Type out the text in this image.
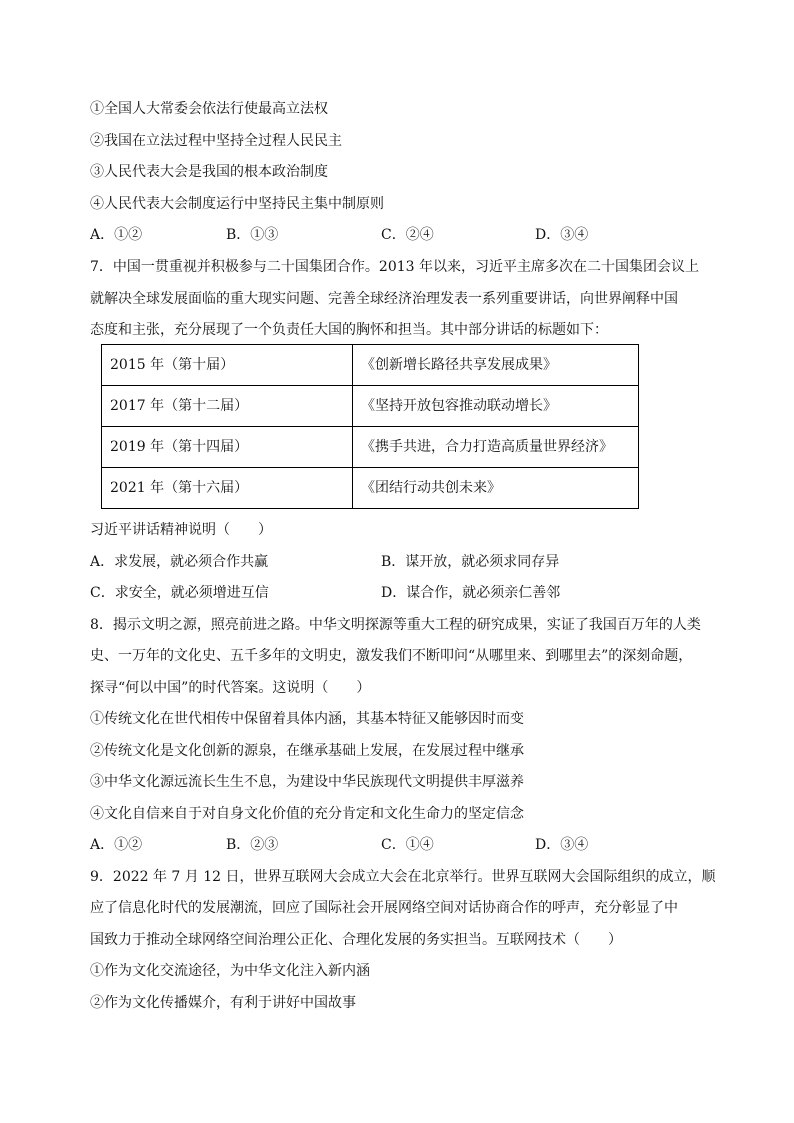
①全国人大常委会依法行使最高立法权
②我国在立法过程中坚持全过程人民民主
③人民代表大会是我国的根本政治制度
④人民代表大会制度运行中坚持民主集中制原则
A．①②	B．①③	C．②④	D．③④
7．中国一贯重视并积极参与二十国集团合作。2013 年以来，习近平主席多次在二十国集团会议上
就解决全球发展面临的重大现实问题、完善全球经济治理发表一系列重要讲话，向世界阐释中国
态度和主张，充分展现了一个负责任大国的胸怀和担当。其中部分讲话的标题如下：
2015 年（第十届）	《创新增长路径共享发展成果》
2017 年（第十二届）	《坚持开放包容推动联动增长》
2019 年（第十四届）	《携手共进，合力打造高质量世界经济》
2021 年（第十六届）	《团结行动共创未来》
习近平讲话精神说明（　　）
A．求发展，就必须合作共赢	B．谋开放，就必须求同存异
C．求安全，就必须增进互信	D．谋合作，就必须亲仁善邻
8．揭示文明之源，照亮前进之路。中华文明探源等重大工程的研究成果，实证了我国百万年的人类
史、一万年的文化史、五千多年的文明史，激发我们不断叩问“从哪里来、到哪里去”的深刻命题，
探寻“何以中国”的时代答案。这说明（　　）
①传统文化在世代相传中保留着具体内涵，其基本特征又能够因时而变
②传统文化是文化创新的源泉，在继承基础上发展，在发展过程中继承
③中华文化源远流长生生不息，为建设中华民族现代文明提供丰厚滋养
④文化自信来自于对自身文化价值的充分肯定和文化生命力的坚定信念
A．①②	B．②③	C．①④	D．③④
9．2022 年 7 月 12 日，世界互联网大会成立大会在北京举行。世界互联网大会国际组织的成立，顺
应了信息化时代的发展潮流，回应了国际社会开展网络空间对话协商合作的呼声，充分彰显了中
国致力于推动全球网络空间治理公正化、合理化发展的务实担当。互联网技术（　　）
①作为文化交流途径，为中华文化注入新内涵
②作为文化传播媒介，有利于讲好中国故事
